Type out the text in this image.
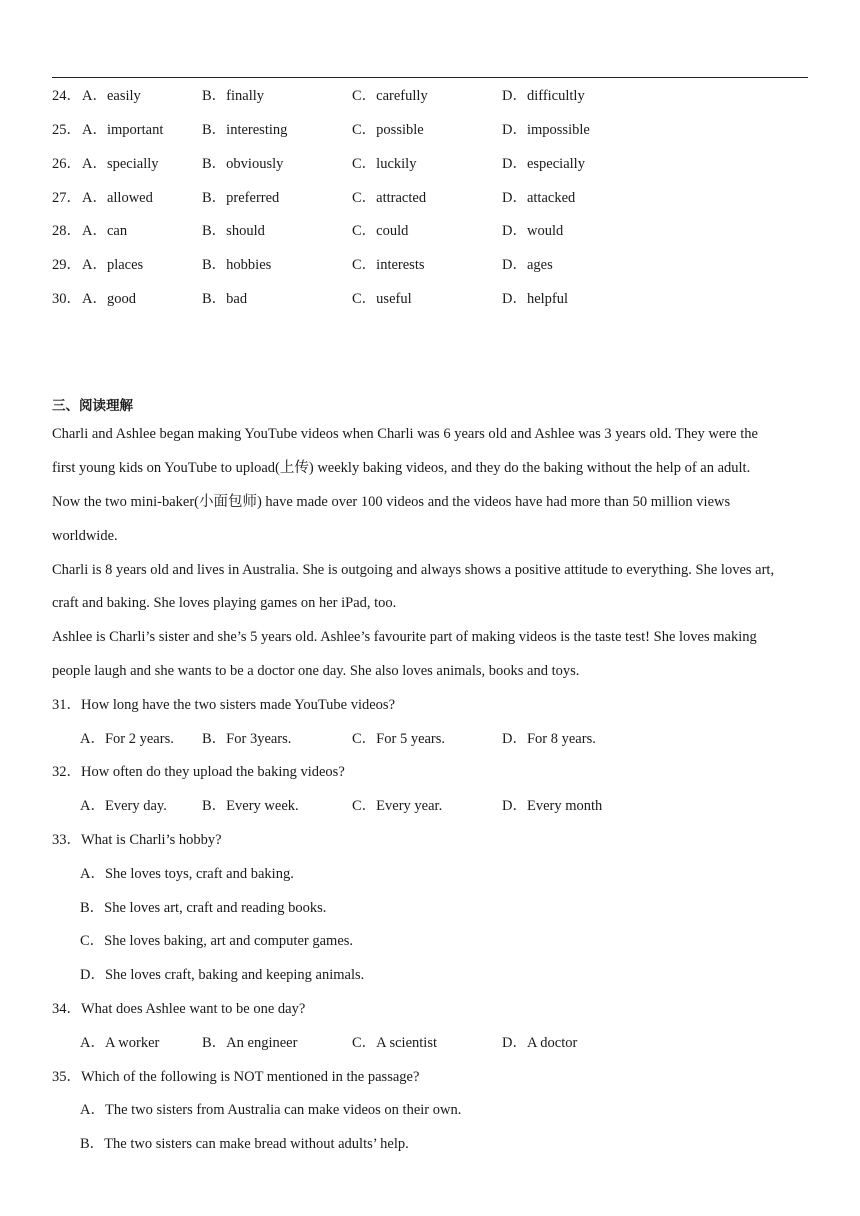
24． A．easily	B．finally	C．carefully	D．difficultly
25． A．important	B．interesting	C．possible	D．impossible
26． A．specially	B．obviously	C．luckily	D．especially
27． A．allowed	B．preferred	C．attracted	D．attacked
28． A．can	B．should	C．could	D．would
29． A．places	B．hobbies	C．interests	D．ages
30． A．good	B．bad	C．useful	D．helpful
三、阅读理解
Charli and Ashlee began making YouTube videos when Charli was 6 years old and Ashlee was 3 years old. They were the
first young kids on YouTube to upload(上传) weekly baking videos, and they do the baking without the help of an adult.
Now the two mini-baker(小面包师) have made over 100 videos and the videos have had more than 50 million views
worldwide.
Charli is 8 years old and lives in Australia. She is outgoing and always shows a positive attitude to everything. She loves art,
craft and baking. She loves playing games on her iPad, too.
Ashlee is Charli’s sister and she’s 5 years old. Ashlee’s favourite part of making videos is the taste test! She loves making
people laugh and she wants to be a doctor one day. She also loves animals, books and toys.
31．How long have the two sisters made YouTube videos?
A．For 2 years. B．For 3years.	C．For 5 years.	D．For 8 years.
32．How often do they upload the baking videos?
A．Every day. B．Every week.	C．Every year.	D．Every month
33．What is Charli’s hobby?
A．She loves toys, craft and baking.
B．She loves art, craft and reading books.
C．She loves baking, art and computer games.
D．She loves craft, baking and keeping animals.
34．What does Ashlee want to be one day?
A．A worker	B．An engineer	C．A scientist	D．A doctor
35．Which of the following is NOT mentioned in the passage?
A．The two sisters from Australia can make videos on their own.
B．The two sisters can make bread without adults’ help.
